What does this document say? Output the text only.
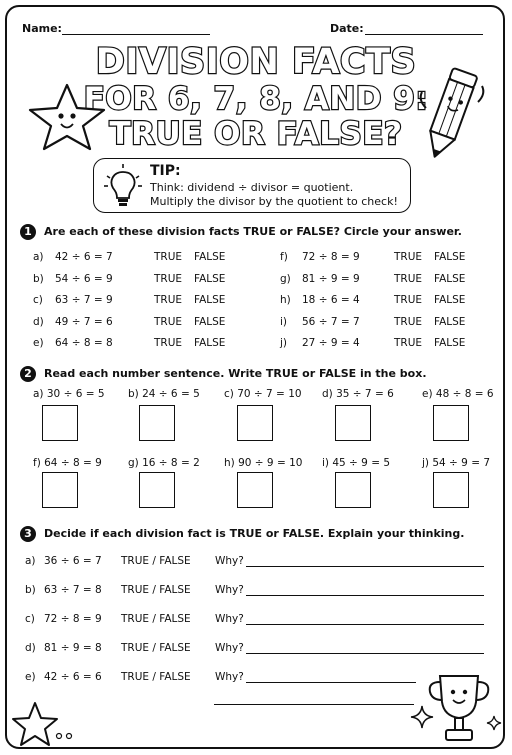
Name:	Date:
DIVISION FACTS
FOR 6, 7, 8, AND 9:
TRUE OR FALSE?
TIP:
Think: dividend ÷ divisor = quotient.
Multiply the divisor by the quotient to check!
1	Are each of these division facts TRUE or FALSE? Circle your answer.
a) 42 ÷ 6 = 7	TRUE FALSE
b) 54 ÷ 6 = 9	TRUE FALSE
c) 63 ÷ 7 = 9	TRUE FALSE
d) 49 ÷ 7 = 6	TRUE FALSE
e) 64 ÷ 8 = 8	TRUE FALSE
f) 72 ÷ 8 = 9	TRUE FALSE
g) 81 ÷ 9 = 9	TRUE FALSE
h) 18 ÷ 6 = 4	TRUE FALSE
i) 56 ÷ 7 = 7	TRUE FALSE
j) 27 ÷ 9 = 4	TRUE FALSE
2	Read each number sentence. Write TRUE or FALSE in the box.
a) 30 ÷ 6 = 5 b) 24 ÷ 6 = 5 c) 70 ÷ 7 = 10 d) 35 ÷ 7 = 6	e) 48 ÷ 8 = 6
f) 64 ÷ 8 = 9 g) 16 ÷ 8 = 2 h) 90 ÷ 9 = 10 i) 45 ÷ 9 = 5	j) 54 ÷ 9 = 7
3	Decide if each division fact is TRUE or FALSE. Explain your thinking.
a) 36 ÷ 6 = 7 TRUE / FALSE Why?
b) 63 ÷ 7 = 8 TRUE / FALSE Why?
c) 72 ÷ 8 = 9 TRUE / FALSE Why?
d) 81 ÷ 9 = 8 TRUE / FALSE Why?
e) 42 ÷ 6 = 6 TRUE / FALSE Why?
